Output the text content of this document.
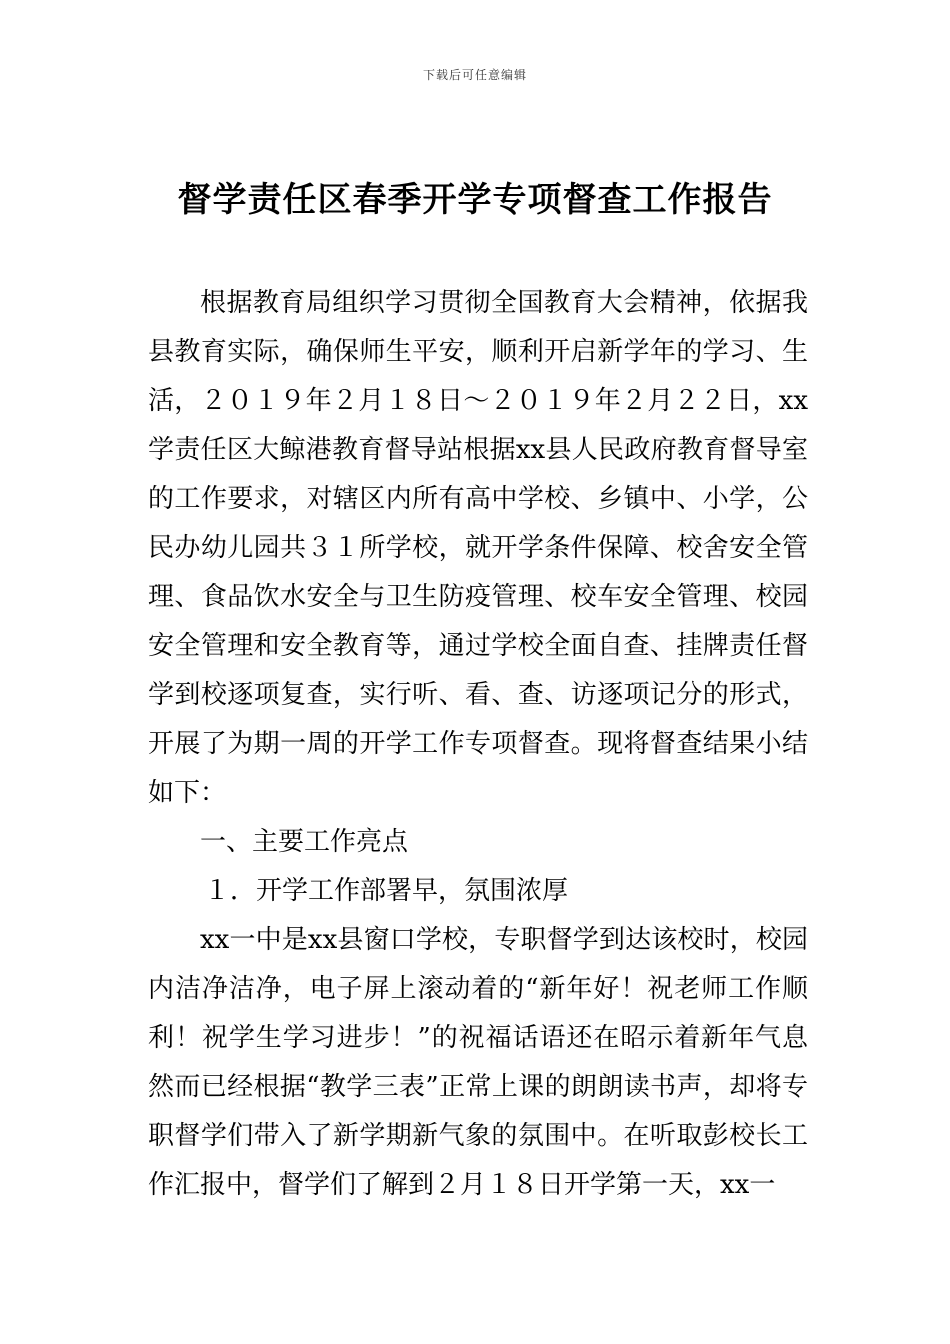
下载后可任意编辑
督学责任区春季开学专项督查工作报告

根据教育局组织学习贯彻全国教育大会精神，依据我县教育实际，确保师生平安，顺利开启新学年的学习、生活，２０１９年２月１８日～２０１９年２月２２日，xx学责任区大鲸港教育督导站根据xx县人民政府教育督导室的工作要求，对辖区内所有高中学校、乡镇中、小学，公民办幼儿园共３１所学校，就开学条件保障、校舍安全管理、食品饮水安全与卫生防疫管理、校车安全管理、校园安全管理和安全教育等，通过学校全面自查、挂牌责任督学到校逐项复查，实行听、看、查、访逐项记分的形式，开展了为期一周的开学工作专项督查。现将督查结果小结如下：

一、主要工作亮点

１．开学工作部署早，氛围浓厚

xx一中是xx县窗口学校，专职督学到达该校时，校园内洁净洁净，电子屏上滚动着的“新年好！祝老师工作顺利！祝学生学习进步！”的祝福话语还在昭示着新年气息然而已经根据“教学三表”正常上课的朗朗读书声，却将专职督学们带入了新学期新气象的氛围中。在听取彭校长工作汇报中，督学们了解到２月１８日开学第一天，xx一
